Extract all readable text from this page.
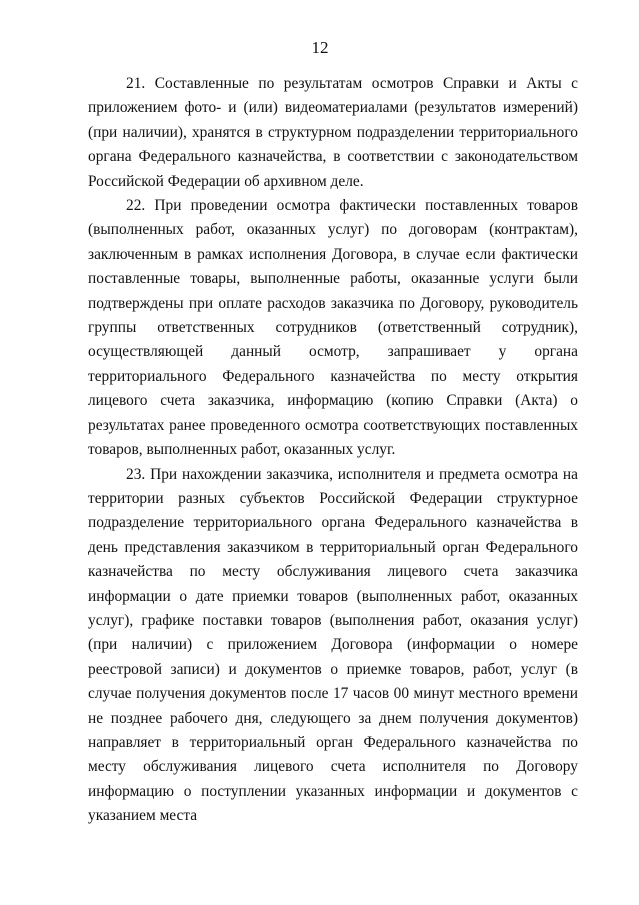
12

21. Составленные по результатам осмотров Справки и Акты с приложением фото- и (или) видеоматериалами (результатов измерений) (при наличии), хранятся в структурном подразделении территориального органа Федерального казначейства, в соответствии с законодательством Российской Федерации об архивном деле.

22. При проведении осмотра фактически поставленных товаров (выполненных работ, оказанных услуг) по договорам (контрактам), заключенным в рамках исполнения Договора, в случае если фактически поставленные товары, выполненные работы, оказанные услуги были подтверждены при оплате расходов заказчика по Договору, руководитель группы ответственных сотрудников (ответственный сотрудник), осуществляющей данный осмотр, запрашивает у органа территориального Федерального казначейства по месту открытия лицевого счета заказчика, информацию (копию Справки (Акта) о результатах ранее проведенного осмотра соответствующих поставленных товаров, выполненных работ, оказанных услуг.

23. При нахождении заказчика, исполнителя и предмета осмотра на территории разных субъектов Российской Федерации структурное подразделение территориального органа Федерального казначейства в день представления заказчиком в территориальный орган Федерального казначейства по месту обслуживания лицевого счета заказчика информации о дате приемки товаров (выполненных работ, оказанных услуг), графике поставки товаров (выполнения работ, оказания услуг) (при наличии) с приложением Договора (информации о номере реестровой записи) и документов о приемке товаров, работ, услуг (в случае получения документов после 17 часов 00 минут местного времени не позднее рабочего дня, следующего за днем получения документов) направляет в территориальный орган Федерального казначейства по месту обслуживания лицевого счета исполнителя по Договору информацию о поступлении указанных информации и документов с указанием места
